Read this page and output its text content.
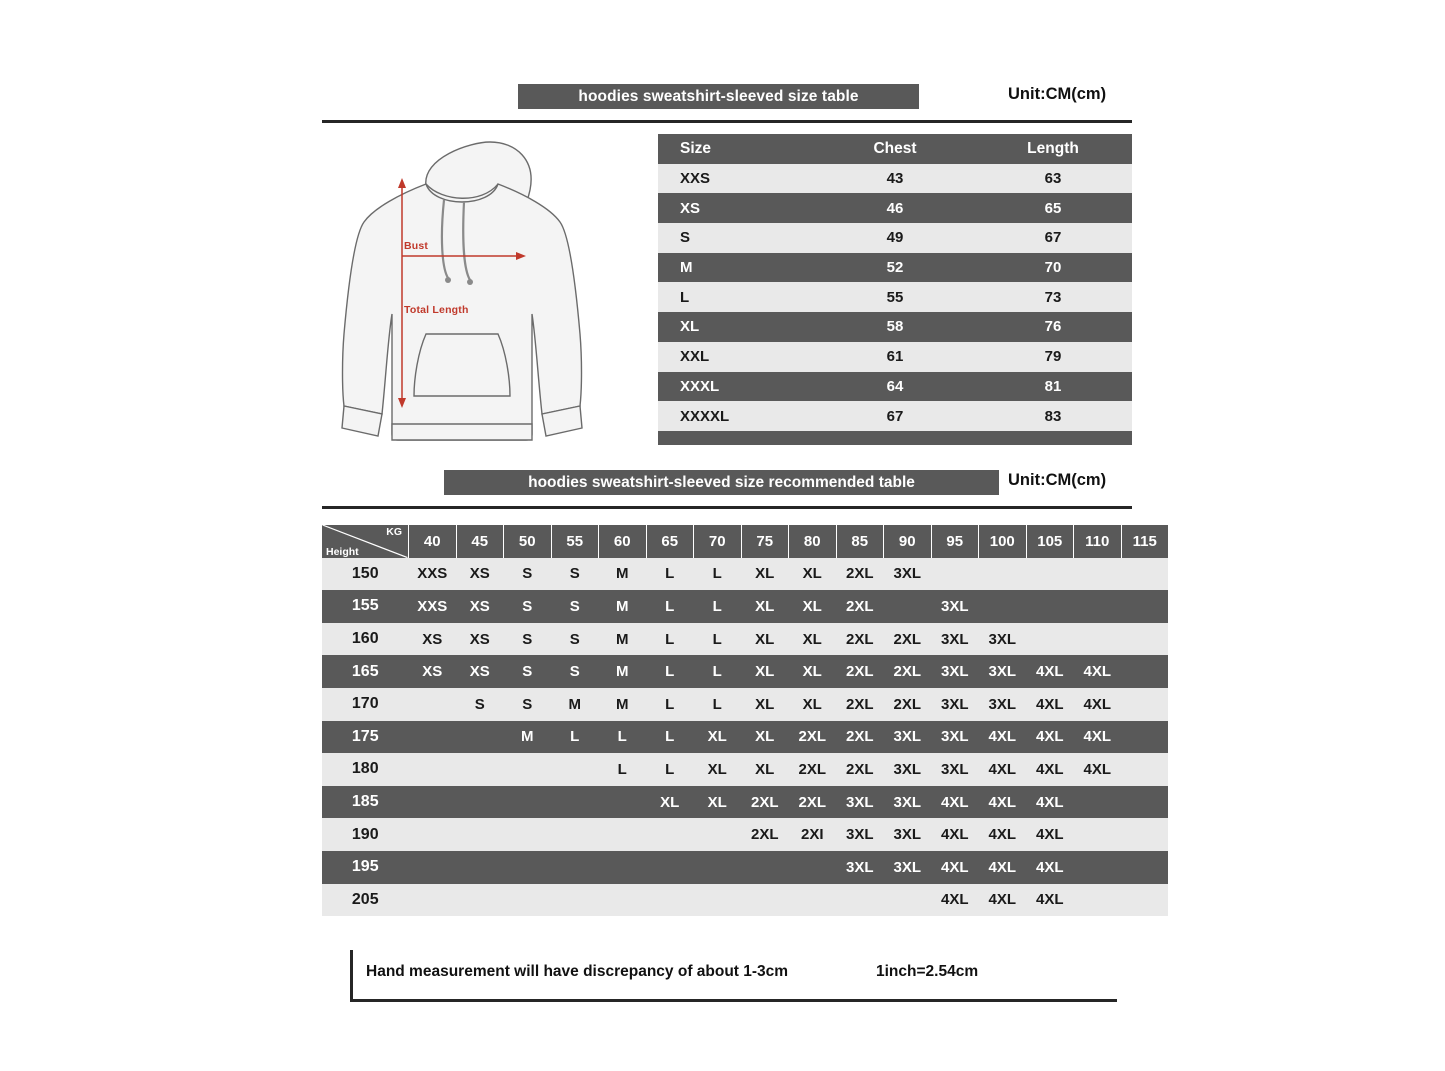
hoodies sweatshirt-sleeved size table	Unit:CM(cm)
Bust
Total Length
Size	Chest	Length
XXS	43	63
XS	46	65
S	49	67
M	52	70
L	55	73
XL	58	76
XXL	61	79
XXXL	64	81
XXXXL	67	83
hoodies sweatshirt-sleeved size recommended table	Unit:CM(cm)
KG
Height	40	45	50	55	60	65	70	75	80	85	90	95	100	105	110	115
150	XXS	XS	S	S	M	L	L	XL	XL	2XL	3XL					
155	XXS	XS	S	S	M	L	L	XL	XL	2XL		3XL				
160	XS	XS	S	S	M	L	L	XL	XL	2XL	2XL	3XL	3XL			
165	XS	XS	S	S	M	L	L	XL	XL	2XL	2XL	3XL	3XL	4XL	4XL	
170		S	S	M	M	L	L	XL	XL	2XL	2XL	3XL	3XL	4XL	4XL	
175			M	L	L	L	XL	XL	2XL	2XL	3XL	3XL	4XL	4XL	4XL	
180					L	L	XL	XL	2XL	2XL	3XL	3XL	4XL	4XL	4XL	
185						XL	XL	2XL	2XL	3XL	3XL	4XL	4XL	4XL		
190								2XL	2XI	3XL	3XL	4XL	4XL	4XL		
195										3XL	3XL	4XL	4XL	4XL		
205												4XL	4XL	4XL		
Hand measurement will have discrepancy of about 1-3cm	1inch=2.54cm
